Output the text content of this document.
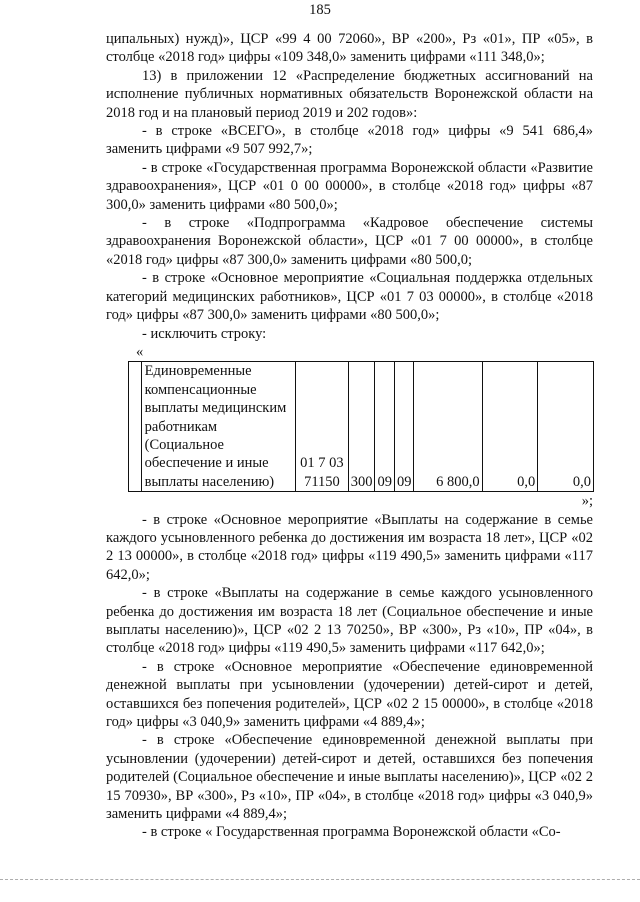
185

ципальных) нужд)», ЦСР «99 4 00 72060», ВР «200», Рз «01», ПР «05», в столбце «2018 год» цифры «109 348,0» заменить цифрами «111 348,0»;

13) в приложении 12 «Распределение бюджетных ассигнований на исполнение публичных нормативных обязательств Воронежской области на 2018 год и на плановый период 2019 и 202 годов»:

- в строке «ВСЕГО», в столбце «2018 год» цифры «9 541 686,4» заменить цифрами «9 507 992,7»;

- в строке «Государственная программа Воронежской области «Развитие здравоохранения», ЦСР «01 0 00 00000», в столбце «2018 год» цифры «87 300,0» заменить цифрами «80 500,0»;

- в строке «Подпрограмма «Кадровое обеспечение системы здравоохранения Воронежской области», ЦСР «01 7 00 00000», в столбце «2018 год» цифры «87 300,0» заменить цифрами «80 500,0;

- в строке «Основное мероприятие «Социальная поддержка отдельных категорий медицинских работников», ЦСР «01 7 03 00000», в столбце «2018 год» цифры «87 300,0» заменить цифрами «80 500,0»;

- исключить строку:

«

	Единовременные компенсационные выплаты медицинским работникам (Социальное обеспечение и иные выплаты населению)	01 7 03 71150	300	09	09	6 800,0	0,0	0,0

»;

- в строке «Основное мероприятие «Выплаты на содержание в семье каждого усыновленного ребенка до достижения им возраста 18 лет», ЦСР «02 2 13 00000», в столбце «2018 год» цифры «119 490,5» заменить цифрами «117 642,0»;

- в строке «Выплаты на содержание в семье каждого усыновленного ребенка до достижения им возраста 18 лет (Социальное обеспечение и иные выплаты населению)», ЦСР «02 2 13 70250», ВР «300», Рз «10», ПР «04», в столбце «2018 год» цифры «119 490,5» заменить цифрами «117 642,0»;

- в строке «Основное мероприятие «Обеспечение единовременной денежной выплаты при усыновлении (удочерении) детей-сирот и детей, оставшихся без попечения родителей», ЦСР «02 2 15 00000», в столбце «2018 год» цифры «3 040,9» заменить цифрами «4 889,4»;

- в строке «Обеспечение единовременной денежной выплаты при усыновлении (удочерении) детей-сирот и детей, оставшихся без попечения родителей (Социальное обеспечение и иные выплаты населению)», ЦСР «02 2 15 70930», ВР «300», Рз «10», ПР «04», в столбце «2018 год» цифры «3 040,9» заменить цифрами «4 889,4»;

- в строке « Государственная программа Воронежской области «Со-
